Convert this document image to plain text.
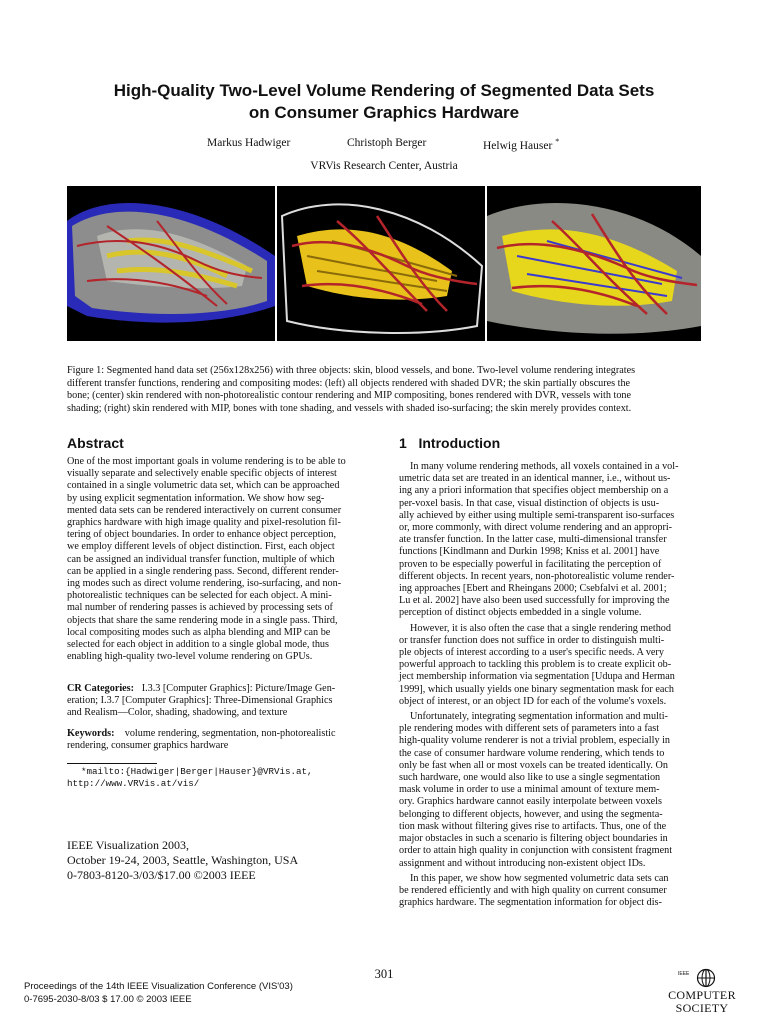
High-Quality Two-Level Volume Rendering of Segmented Data Sets
on Consumer Graphics Hardware
Markus Hadwiger	Christoph Berger	Helwig Hauser *
VRVis Research Center, Austria
Figure 1: Segmented hand data set (256x128x256) with three objects: skin, blood vessels, and bone. Two-level volume rendering integrates
different transfer functions, rendering and compositing modes: (left) all objects rendered with shaded DVR; the skin partially obscures the
bone; (center) skin rendered with non-photorealistic contour rendering and MIP compositing, bones rendered with DVR, vessels with tone
shading; (right) skin rendered with MIP, bones with tone shading, and vessels with shaded iso-surfacing; the skin merely provides context.
Abstract
One of the most important goals in volume rendering is to be able to
visually separate and selectively enable specific objects of interest
contained in a single volumetric data set, which can be approached
by using explicit segmentation information. We show how seg-
mented data sets can be rendered interactively on current consumer
graphics hardware with high image quality and pixel-resolution fil-
tering of object boundaries. In order to enhance object perception,
we employ different levels of object distinction. First, each object
can be assigned an individual transfer function, multiple of which
can be applied in a single rendering pass. Second, different render-
ing modes such as direct volume rendering, iso-surfacing, and non-
photorealistic techniques can be selected for each object. A mini-
mal number of rendering passes is achieved by processing sets of
objects that share the same rendering mode in a single pass. Third,
local compositing modes such as alpha blending and MIP can be
selected for each object in addition to a single global mode, thus
enabling high-quality two-level volume rendering on GPUs.
CR Categories: I.3.3 [Computer Graphics]: Picture/Image Gen-
eration; I.3.7 [Computer Graphics]: Three-Dimensional Graphics
and Realism—Color, shading, shadowing, and texture
Keywords: volume rendering, segmentation, non-photorealistic
rendering, consumer graphics hardware
*mailto:{Hadwiger|Berger|Hauser}@VRVis.at,
http://www.VRVis.at/vis/
IEEE Visualization 2003,
October 19-24, 2003, Seattle, Washington, USA
0-7803-8120-3/03/$17.00 ©2003 IEEE
1 Introduction
In many volume rendering methods, all voxels contained in a vol-
umetric data set are treated in an identical manner, i.e., without us-
ing any a priori information that specifies object membership on a
per-voxel basis. In that case, visual distinction of objects is usu-
ally achieved by either using multiple semi-transparent iso-surfaces
or, more commonly, with direct volume rendering and an appropri-
ate transfer function. In the latter case, multi-dimensional transfer
functions [Kindlmann and Durkin 1998; Kniss et al. 2001] have
proven to be especially powerful in facilitating the perception of
different objects. In recent years, non-photorealistic volume render-
ing approaches [Ebert and Rheingans 2000; Csebfalvi et al. 2001;
Lu et al. 2002] have also been used successfully for improving the
perception of distinct objects embedded in a single volume.
However, it is also often the case that a single rendering method
or transfer function does not suffice in order to distinguish multi-
ple objects of interest according to a user's specific needs. A very
powerful approach to tackling this problem is to create explicit ob-
ject membership information via segmentation [Udupa and Herman
1999], which usually yields one binary segmentation mask for each
object of interest, or an object ID for each of the volume's voxels.
Unfortunately, integrating segmentation information and multi-
ple rendering modes with different sets of parameters into a fast
high-quality volume renderer is not a trivial problem, especially in
the case of consumer hardware volume rendering, which tends to
only be fast when all or most voxels can be treated identically. On
such hardware, one would also like to use a single segmentation
mask volume in order to use a minimal amount of texture mem-
ory. Graphics hardware cannot easily interpolate between voxels
belonging to different objects, however, and using the segmenta-
tion mask without filtering gives rise to artifacts. Thus, one of the
major obstacles in such a scenario is filtering object boundaries in
order to attain high quality in conjunction with consistent fragment
assignment and without introducing non-existent object IDs.
In this paper, we show how segmented volumetric data sets can
be rendered efficiently and with high quality on current consumer
graphics hardware. The segmentation information for object dis-
301
Proceedings of the 14th IEEE Visualization Conference (VIS'03)
0-7695-2030-8/03 $ 17.00 © 2003 IEEE
IEEE
COMPUTER
SOCIETY
